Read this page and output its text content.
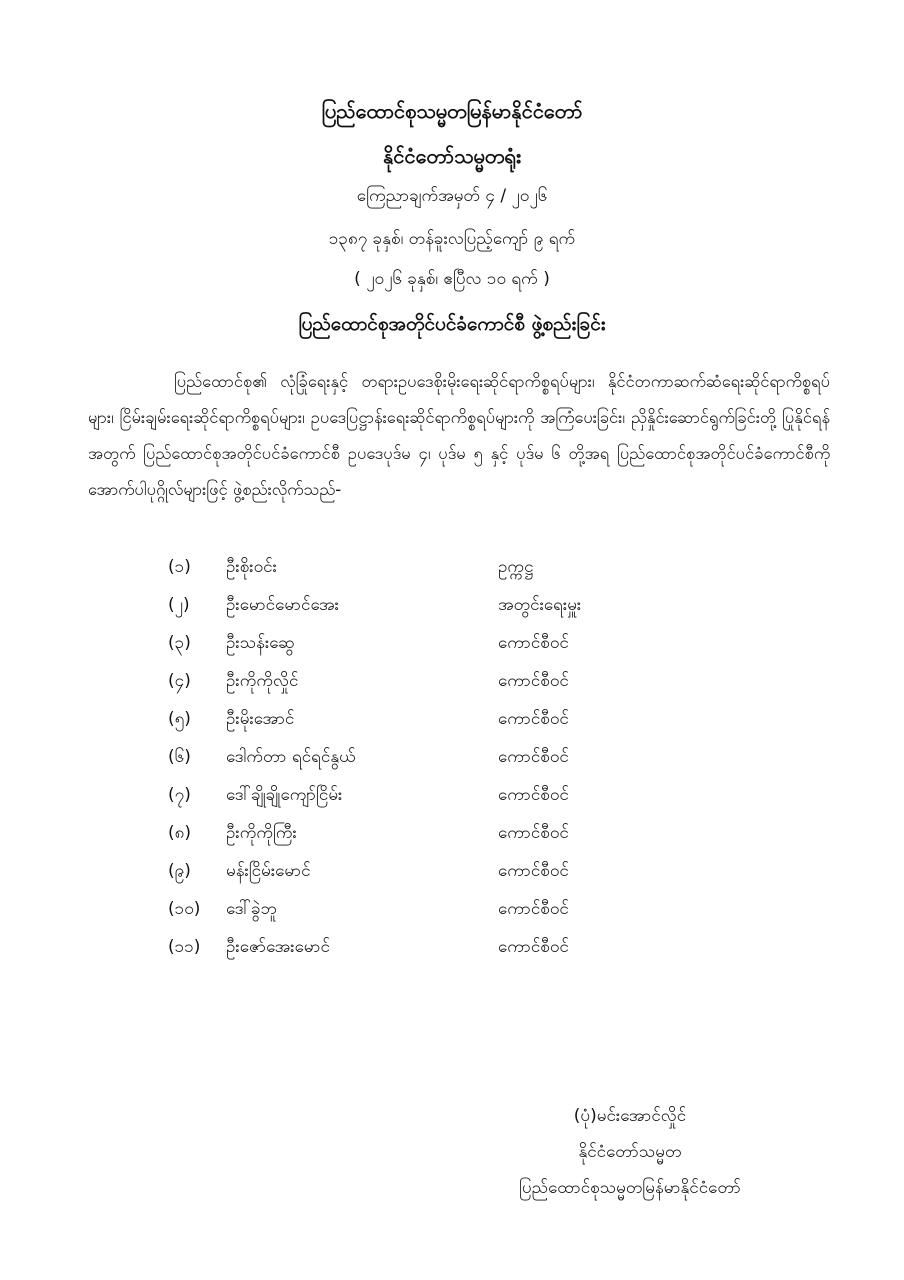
ပြည်ထောင်စုသမ္မတမြန်မာနိုင်ငံတော်
နိုင်ငံတော်သမ္မတရုံး
ကြေညာချက်အမှတ် ၄ / ၂၀၂၆
၁၃၈၇ ခုနှစ်၊ တန်ခူးလပြည့်ကျော် ၉ ရက်
( ၂၀၂၆ ခုနှစ်၊ ဧပြီလ ၁၀ ရက် )
ပြည်ထောင်စုအတိုင်ပင်ခံကောင်စီ ဖွဲ့စည်းခြင်း
ပြည်ထောင်စု၏ လုံခြုံရေးနှင့် တရားဥပဒေစိုးမိုးရေးဆိုင်ရာကိစ္စရပ်များ၊ နိုင်ငံတကာဆက်ဆံရေးဆိုင်ရာကိစ္စရပ်များ၊ ငြိမ်းချမ်းရေးဆိုင်ရာကိစ္စရပ်များ၊ ဥပဒေပြဋ္ဌာန်းရေးဆိုင်ရာကိစ္စရပ်များကို အကြံပေးခြင်း၊ ညှိနှိုင်းဆောင်ရွက်ခြင်းတို့ ပြုနိုင်ရန်အတွက် ပြည်ထောင်စုအတိုင်ပင်ခံကောင်စီ ဥပဒေပုဒ်မ ၄၊ ပုဒ်မ ၅ နှင့် ပုဒ်မ ၆ တို့အရ ပြည်ထောင်စုအတိုင်ပင်ခံကောင်စီကို အောက်ပါပုဂ္ဂိုလ်များဖြင့် ဖွဲ့စည်းလိုက်သည်-
(၁) ဦးစိုးဝင်း	ဥက္ကဋ္ဌ
(၂) ဦးမောင်မောင်အေး	အတွင်းရေးမှူး
(၃) ဦးသန်းဆွေ	ကောင်စီဝင်
(၄) ဦးကိုကိုလှိုင်	ကောင်စီဝင်
(၅) ဦးမိုးအောင်	ကောင်စီဝင်
(၆) ဒေါက်တာ ရင်ရင်နွယ်	ကောင်စီဝင်
(၇) ဒေါ်ချိုချိုကျော်ငြိမ်း	ကောင်စီဝင်
(၈) ဦးကိုကိုကြီး	ကောင်စီဝင်
(၉) မန်းငြိမ်းမောင်	ကောင်စီဝင်
(၁၀) ဒေါ်ခွဲဘူ	ကောင်စီဝင်
(၁၁) ဦးဇော်အေးမောင်	ကောင်စီဝင်
(ပုံ)မင်းအောင်လှိုင်
နိုင်ငံတော်သမ္မတ
ပြည်ထောင်စုသမ္မတမြန်မာနိုင်ငံတော်
